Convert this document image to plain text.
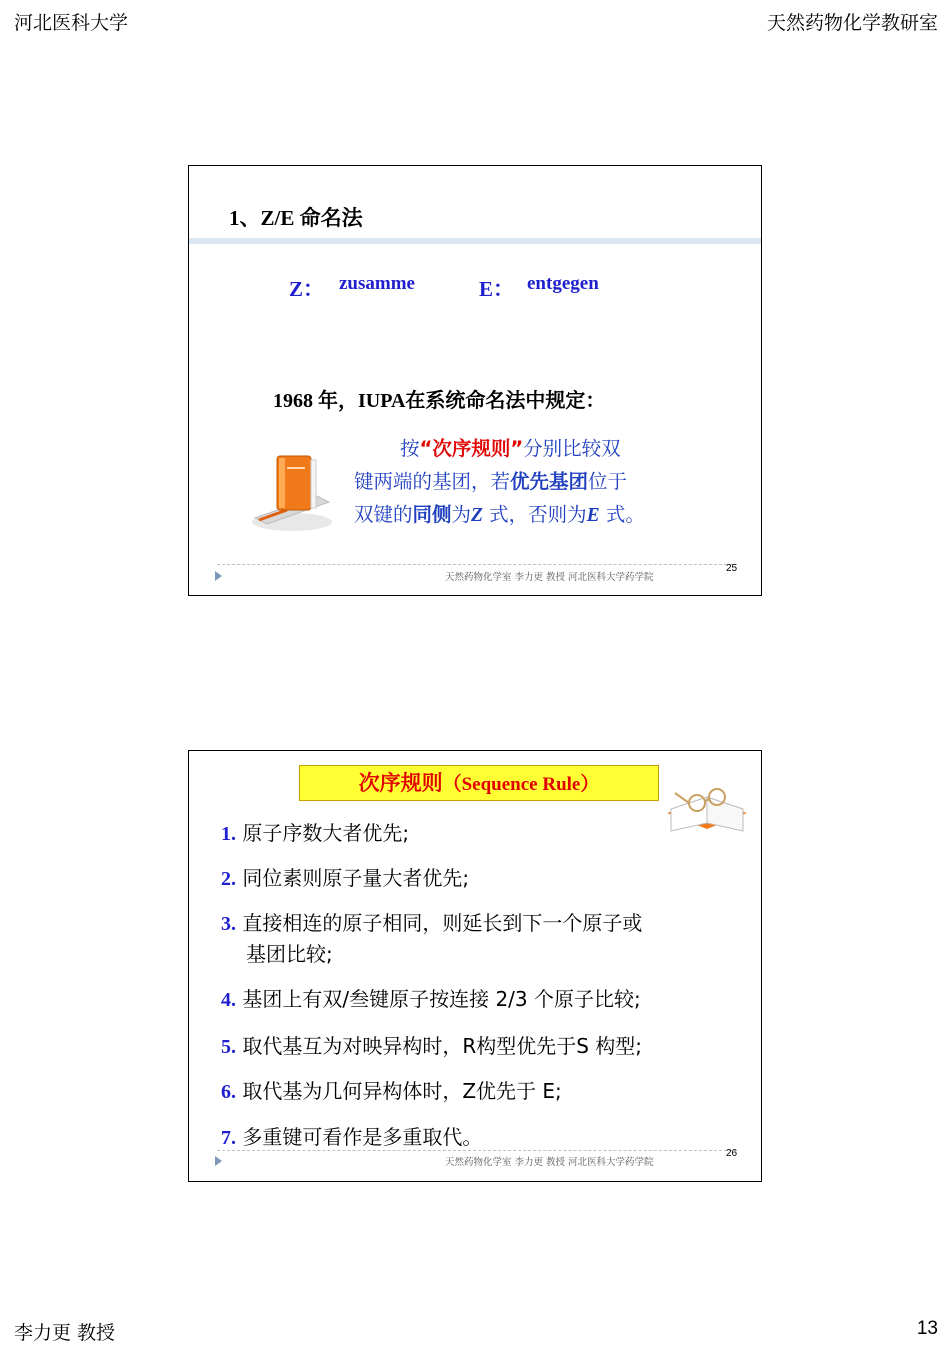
河北医科大学	天然药物化学教研室
1、Z/E 命名法
Z： zusamme	E： entgegen
1968 年，IUPA在系统命名法中规定：
按“次序规则”分别比较双
键两端的基团，若优先基团位于
双键的同侧为Z 式，否则为E 式。
天然药物化学室 李力更 教授 河北医科大学药学院
25
次序规则（Sequence Rule）
1. 原子序数大者优先;
2. 同位素则原子量大者优先;
3. 直接相连的原子相同，则延长到下一个原子或
基团比较;
4. 基团上有双/叁键原子按连接 2/3 个原子比较;
5. 取代基互为对映异构时，R构型优先于S 构型;
6. 取代基为几何异构体时，Z优先于 E;
7. 多重键可看作是多重取代。
天然药物化学室 李力更 教授 河北医科大学药学院
26
李力更 教授	13
